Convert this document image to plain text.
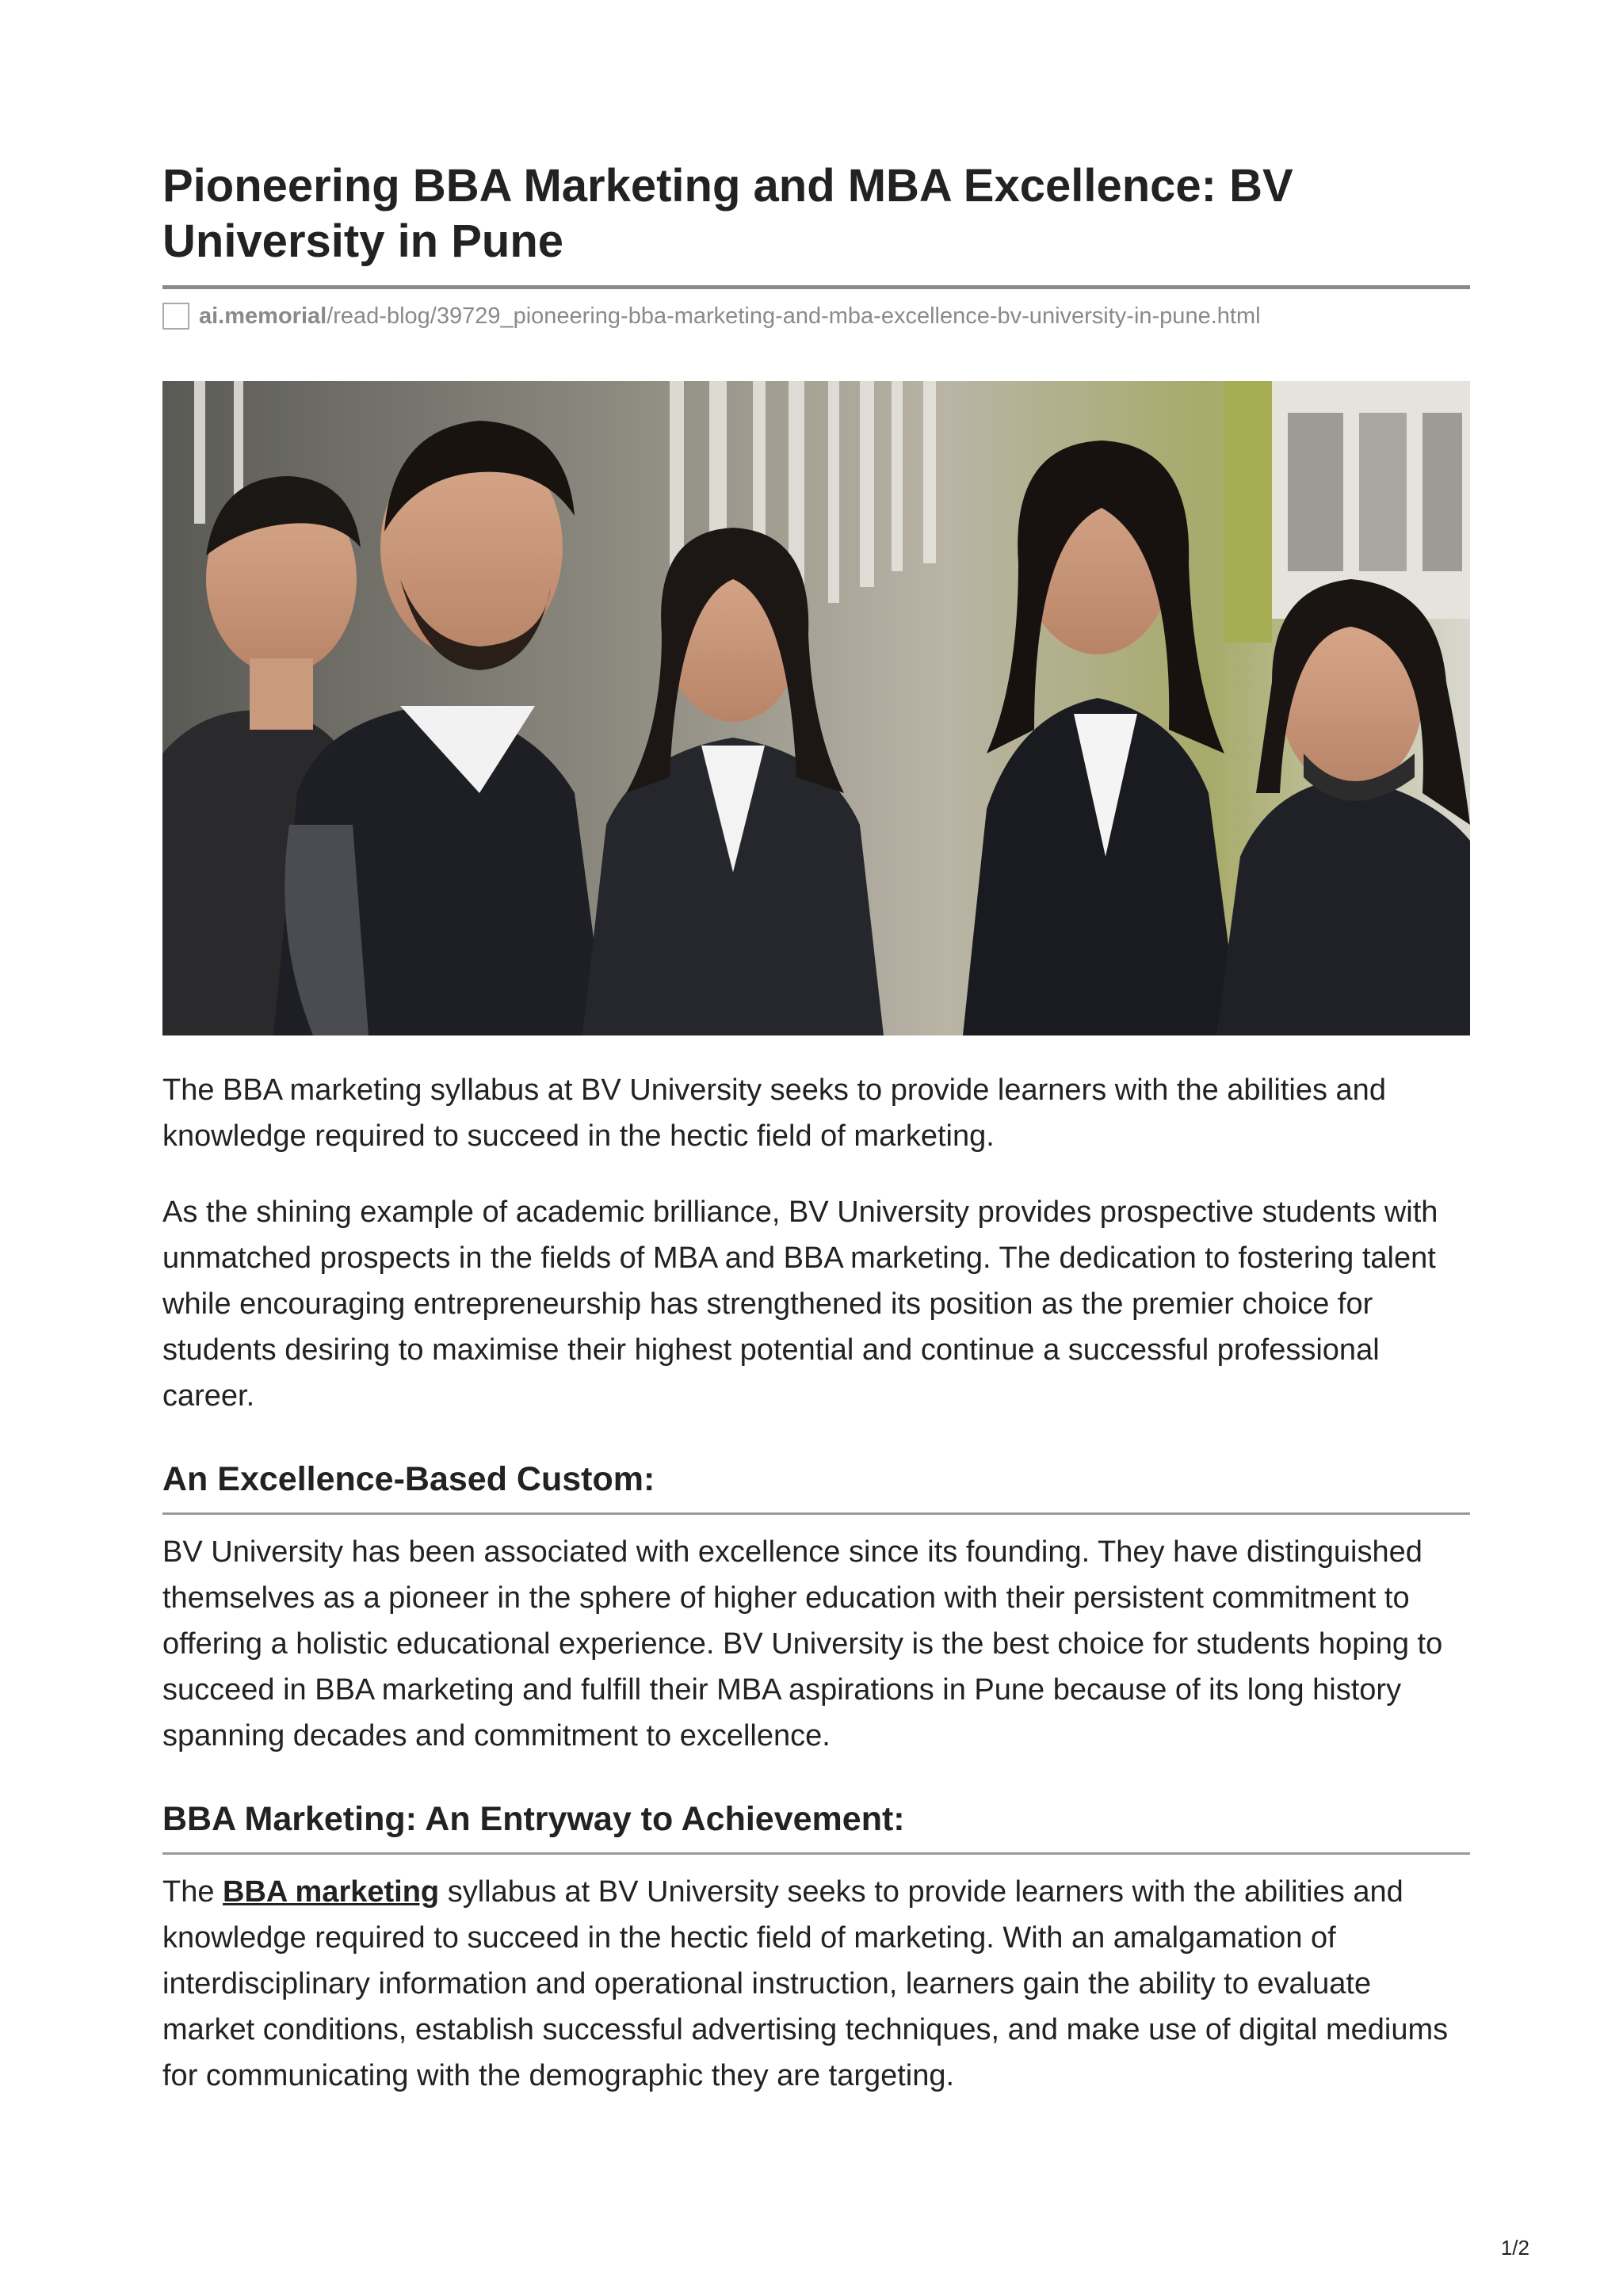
Pioneering BBA Marketing and MBA Excellence: BV University in Pune
ai.memorial /read-blog/39729_pioneering-bba-marketing-and-mba-excellence-bv-university-in-pune.html

The BBA marketing syllabus at BV University seeks to provide learners with the abilities and knowledge required to succeed in the hectic field of marketing.

As the shining example of academic brilliance, BV University provides prospective students with unmatched prospects in the fields of MBA and BBA marketing. The dedication to fostering talent while encouraging entrepreneurship has strengthened its position as the premier choice for students desiring to maximise their highest potential and continue a successful professional career.

An Excellence-Based Custom:

BV University has been associated with excellence since its founding. They have distinguished themselves as a pioneer in the sphere of higher education with their persistent commitment to offering a holistic educational experience. BV University is the best choice for students hoping to succeed in BBA marketing and fulfill their MBA aspirations in Pune because of its long history spanning decades and commitment to excellence.

BBA Marketing: An Entryway to Achievement:

The BBA marketing syllabus at BV University seeks to provide learners with the abilities and knowledge required to succeed in the hectic field of marketing. With an amalgamation of interdisciplinary information and operational instruction, learners gain the ability to evaluate market conditions, establish successful advertising techniques, and make use of digital mediums for communicating with the demographic they are targeting.

1/2
